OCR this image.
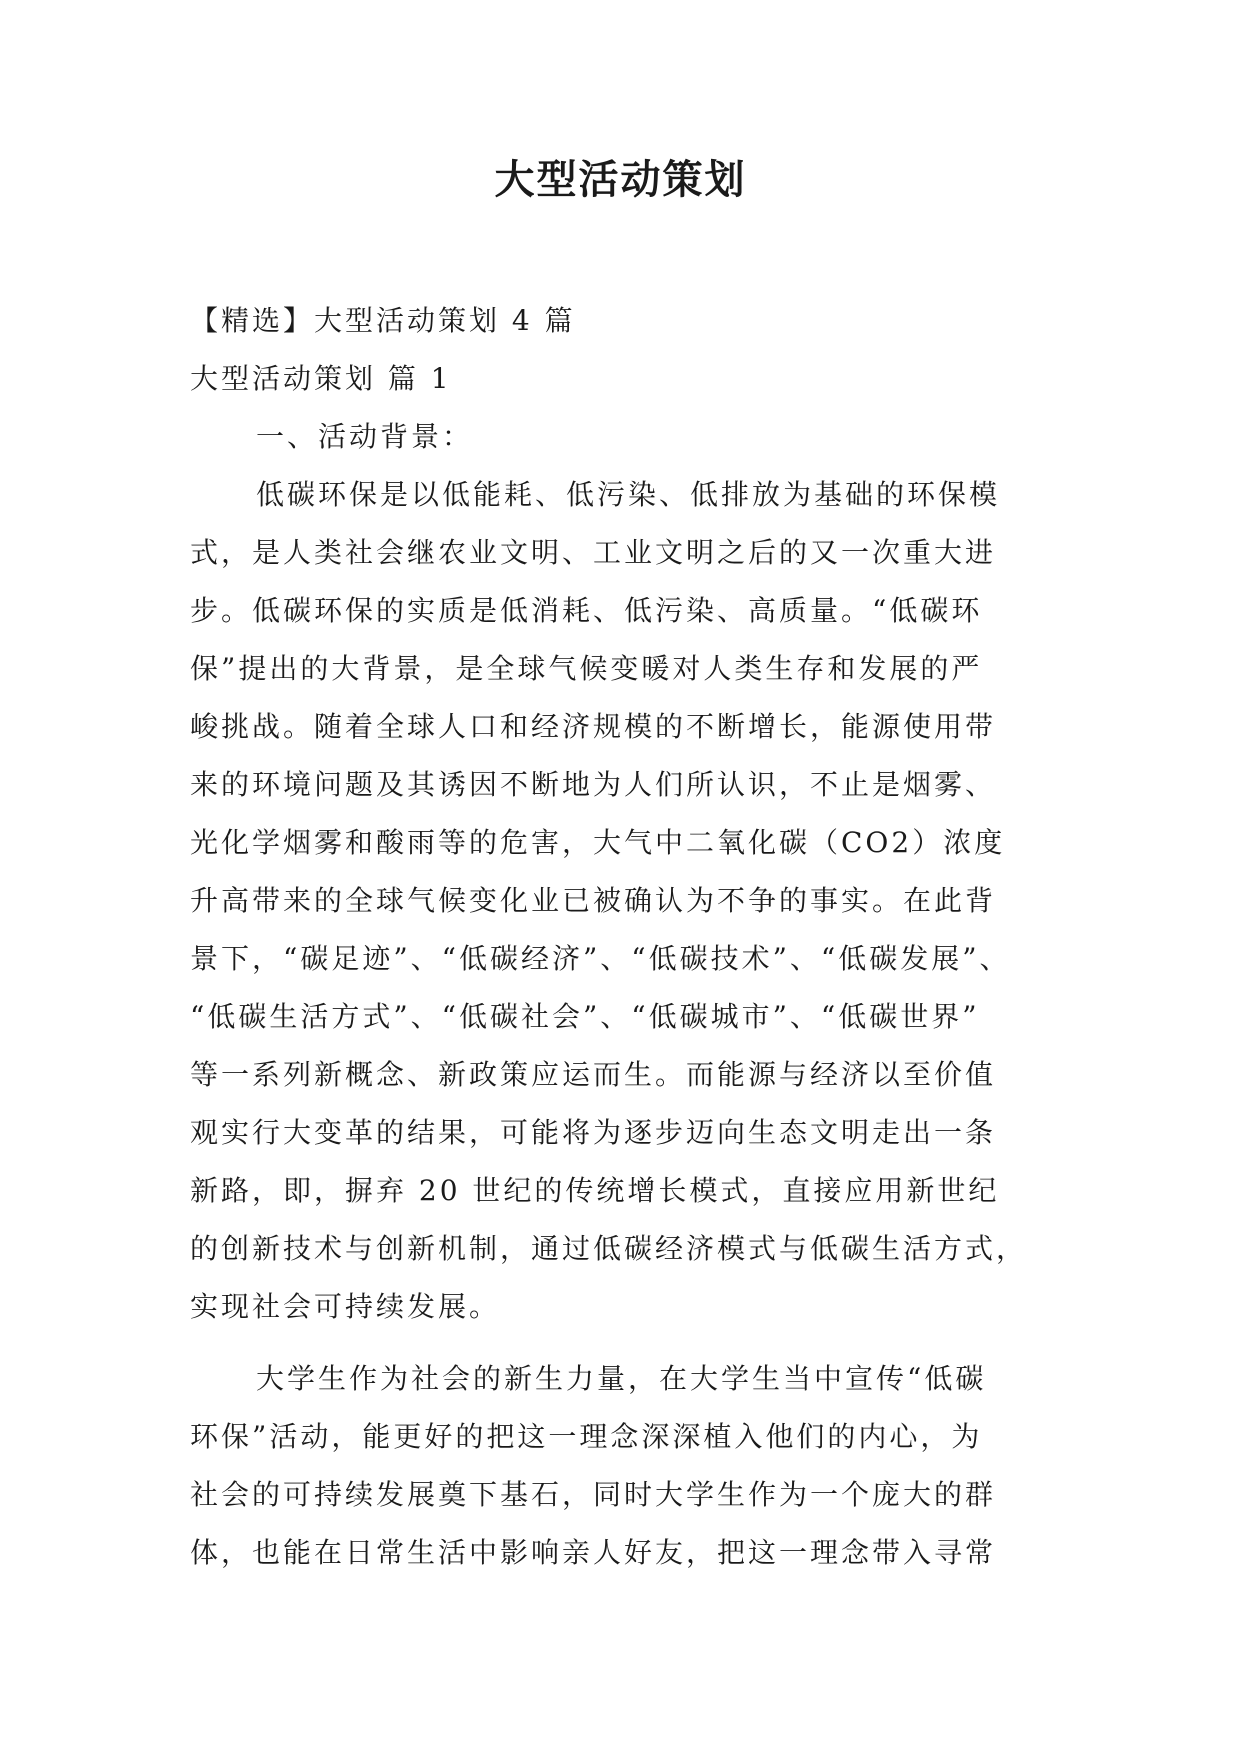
大型活动策划
【精选】大型活动策划 4 篇
大型活动策划 篇 1
一、活动背景：
低碳环保是以低能耗、低污染、低排放为基础的环保模
式，是人类社会继农业文明、工业文明之后的又一次重大进
步。低碳环保的实质是低消耗、低污染、高质量。“低碳环
保”提出的大背景，是全球气候变暖对人类生存和发展的严
峻挑战。随着全球人口和经济规模的不断增长，能源使用带
来的环境问题及其诱因不断地为人们所认识，不止是烟雾、
光化学烟雾和酸雨等的危害，大气中二氧化碳（CO2）浓度
升高带来的全球气候变化业已被确认为不争的事实。在此背
景下，“碳足迹”、“低碳经济”、“低碳技术”、“低碳发展”、
“低碳生活方式”、“低碳社会”、“低碳城市”、“低碳世界”
等一系列新概念、新政策应运而生。而能源与经济以至价值
观实行大变革的结果，可能将为逐步迈向生态文明走出一条
新路，即，摒弃 20 世纪的传统增长模式，直接应用新世纪
的创新技术与创新机制，通过低碳经济模式与低碳生活方式，
实现社会可持续发展。
大学生作为社会的新生力量，在大学生当中宣传“低碳
环保”活动，能更好的把这一理念深深植入他们的内心，为
社会的可持续发展奠下基石，同时大学生作为一个庞大的群
体，也能在日常生活中影响亲人好友，把这一理念带入寻常
